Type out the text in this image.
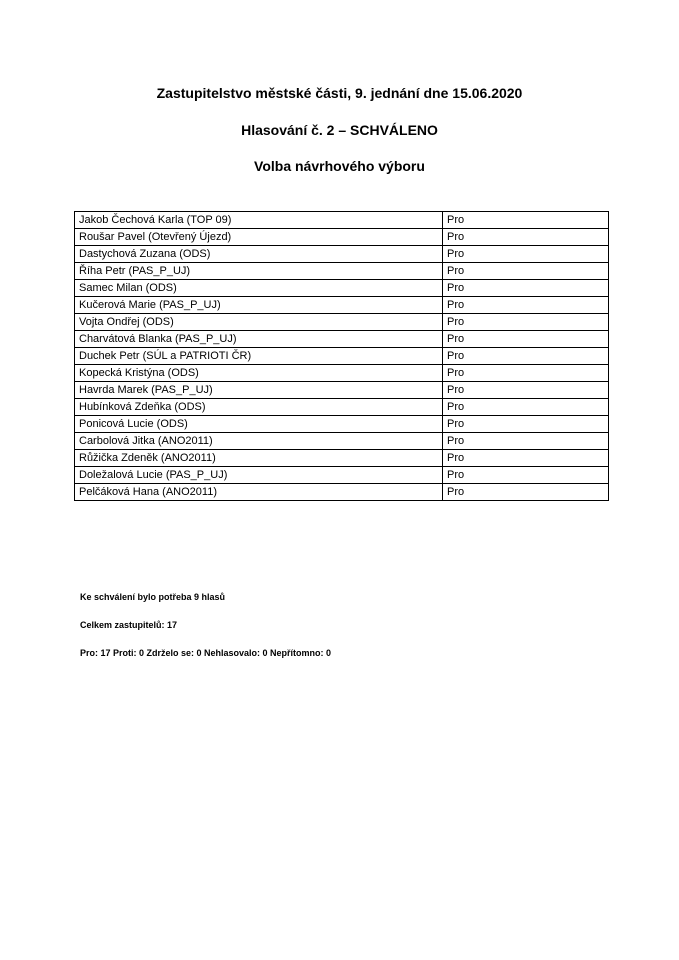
Zastupitelstvo městské části, 9. jednání dne 15.06.2020
Hlasování č. 2 – SCHVÁLENO
Volba návrhového výboru
Jakob Čechová Karla (TOP 09)	Pro
Roušar Pavel (Otevřený Újezd)	Pro
Dastychová Zuzana (ODS)	Pro
Říha Petr (PAS_P_UJ)	Pro
Samec Milan (ODS)	Pro
Kučerová Marie (PAS_P_UJ)	Pro
Vojta Ondřej (ODS)	Pro
Charvátová Blanka (PAS_P_UJ)	Pro
Duchek Petr (SÚL a PATRIOTI ČR)	Pro
Kopecká Kristýna (ODS)	Pro
Havrda Marek (PAS_P_UJ)	Pro
Hubínková Zdeňka (ODS)	Pro
Ponicová Lucie (ODS)	Pro
Carbolová Jitka (ANO2011)	Pro
Růžička Zdeněk (ANO2011)	Pro
Doležalová Lucie (PAS_P_UJ)	Pro
Pelčáková Hana (ANO2011)	Pro
Ke schválení bylo potřeba 9 hlasů
Celkem zastupitelů: 17
Pro: 17 Proti: 0 Zdrželo se: 0 Nehlasovalo: 0 Nepřítomno: 0
